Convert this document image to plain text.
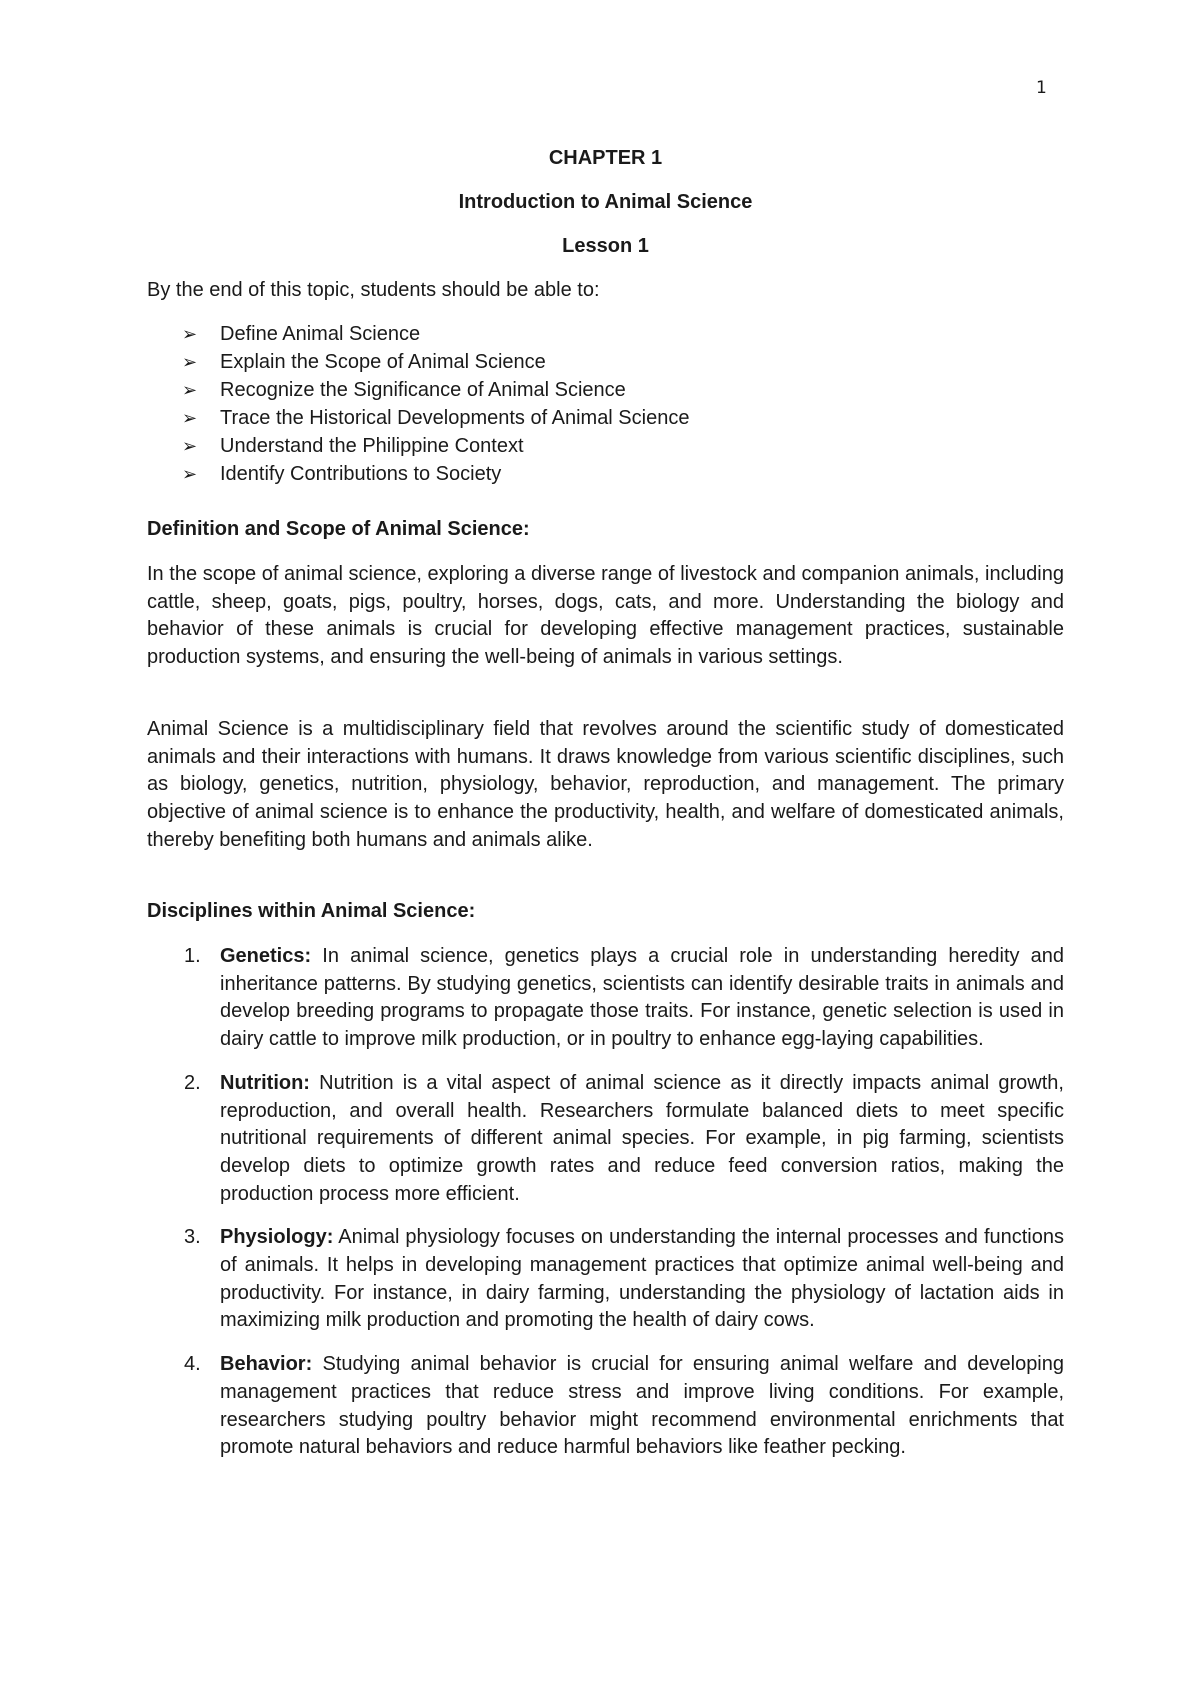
1
CHAPTER 1
Introduction to Animal Science
Lesson 1
By the end of this topic, students should be able to:
➢	Define Animal Science
➢	Explain the Scope of Animal Science
➢	Recognize the Significance of Animal Science
➢	Trace the Historical Developments of Animal Science
➢	Understand the Philippine Context
➢	Identify Contributions to Society
Definition and Scope of Animal Science:

In the scope of animal science, exploring a diverse range of livestock and companion animals, including cattle, sheep, goats, pigs, poultry, horses, dogs, cats, and more. Understanding the biology and behavior of these animals is crucial for developing effective management practices, sustainable production systems, and ensuring the well-being of animals in various settings.

Animal Science is a multidisciplinary field that revolves around the scientific study of domesticated animals and their interactions with humans. It draws knowledge from various scientific disciplines, such as biology, genetics, nutrition, physiology, behavior, reproduction, and management. The primary objective of animal science is to enhance the productivity, health, and welfare of domesticated animals, thereby benefiting both humans and animals alike.

Disciplines within Animal Science:
1. Genetics: In animal science, genetics plays a crucial role in understanding heredity and inheritance patterns. By studying genetics, scientists can identify desirable traits in animals and develop breeding programs to propagate those traits. For instance, genetic selection is used in dairy cattle to improve milk production, or in poultry to enhance egg-laying capabilities.
2. Nutrition: Nutrition is a vital aspect of animal science as it directly impacts animal growth, reproduction, and overall health. Researchers formulate balanced diets to meet specific nutritional requirements of different animal species. For example, in pig farming, scientists develop diets to optimize growth rates and reduce feed conversion ratios, making the production process more efficient.
3. Physiology: Animal physiology focuses on understanding the internal processes and functions of animals. It helps in developing management practices that optimize animal well-being and productivity. For instance, in dairy farming, understanding the physiology of lactation aids in maximizing milk production and promoting the health of dairy cows.
4. Behavior: Studying animal behavior is crucial for ensuring animal welfare and developing management practices that reduce stress and improve living conditions. For example, researchers studying poultry behavior might recommend environmental enrichments that promote natural behaviors and reduce harmful behaviors like feather pecking.
